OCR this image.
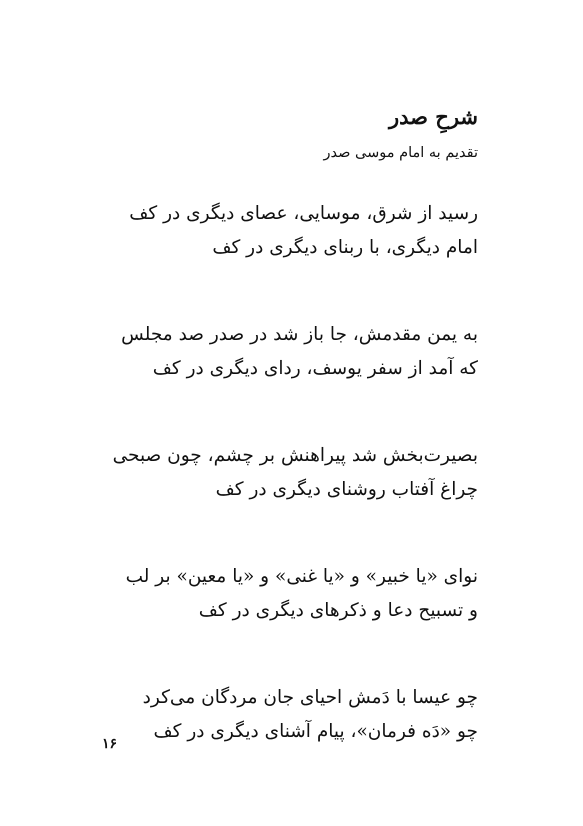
شرحِ صدر
تقدیم به امام موسی صدر
رسید از شرق، موسایی، عصای دیگری در کف
امام دیگری، با ربنای دیگری در کف
به یمن مقدمش، جا باز شد در صدر صد مجلس
که آمد از سفر یوسف، ردای دیگری در کف
بصیرت‌بخش شد پیراهنش بر چشم، چون صبحی
چراغ آفتاب روشنای دیگری در کف
نوای «یا خبیر» و «یا غنی» و «یا معین» بر لب
و تسبیح دعا و ذکرهای دیگری در کف
چو عیسا با دَمش احیای جان مردگان می‌کرد
چو «دَه فرمان»، پیام آشنای دیگری در کف
۱۶
